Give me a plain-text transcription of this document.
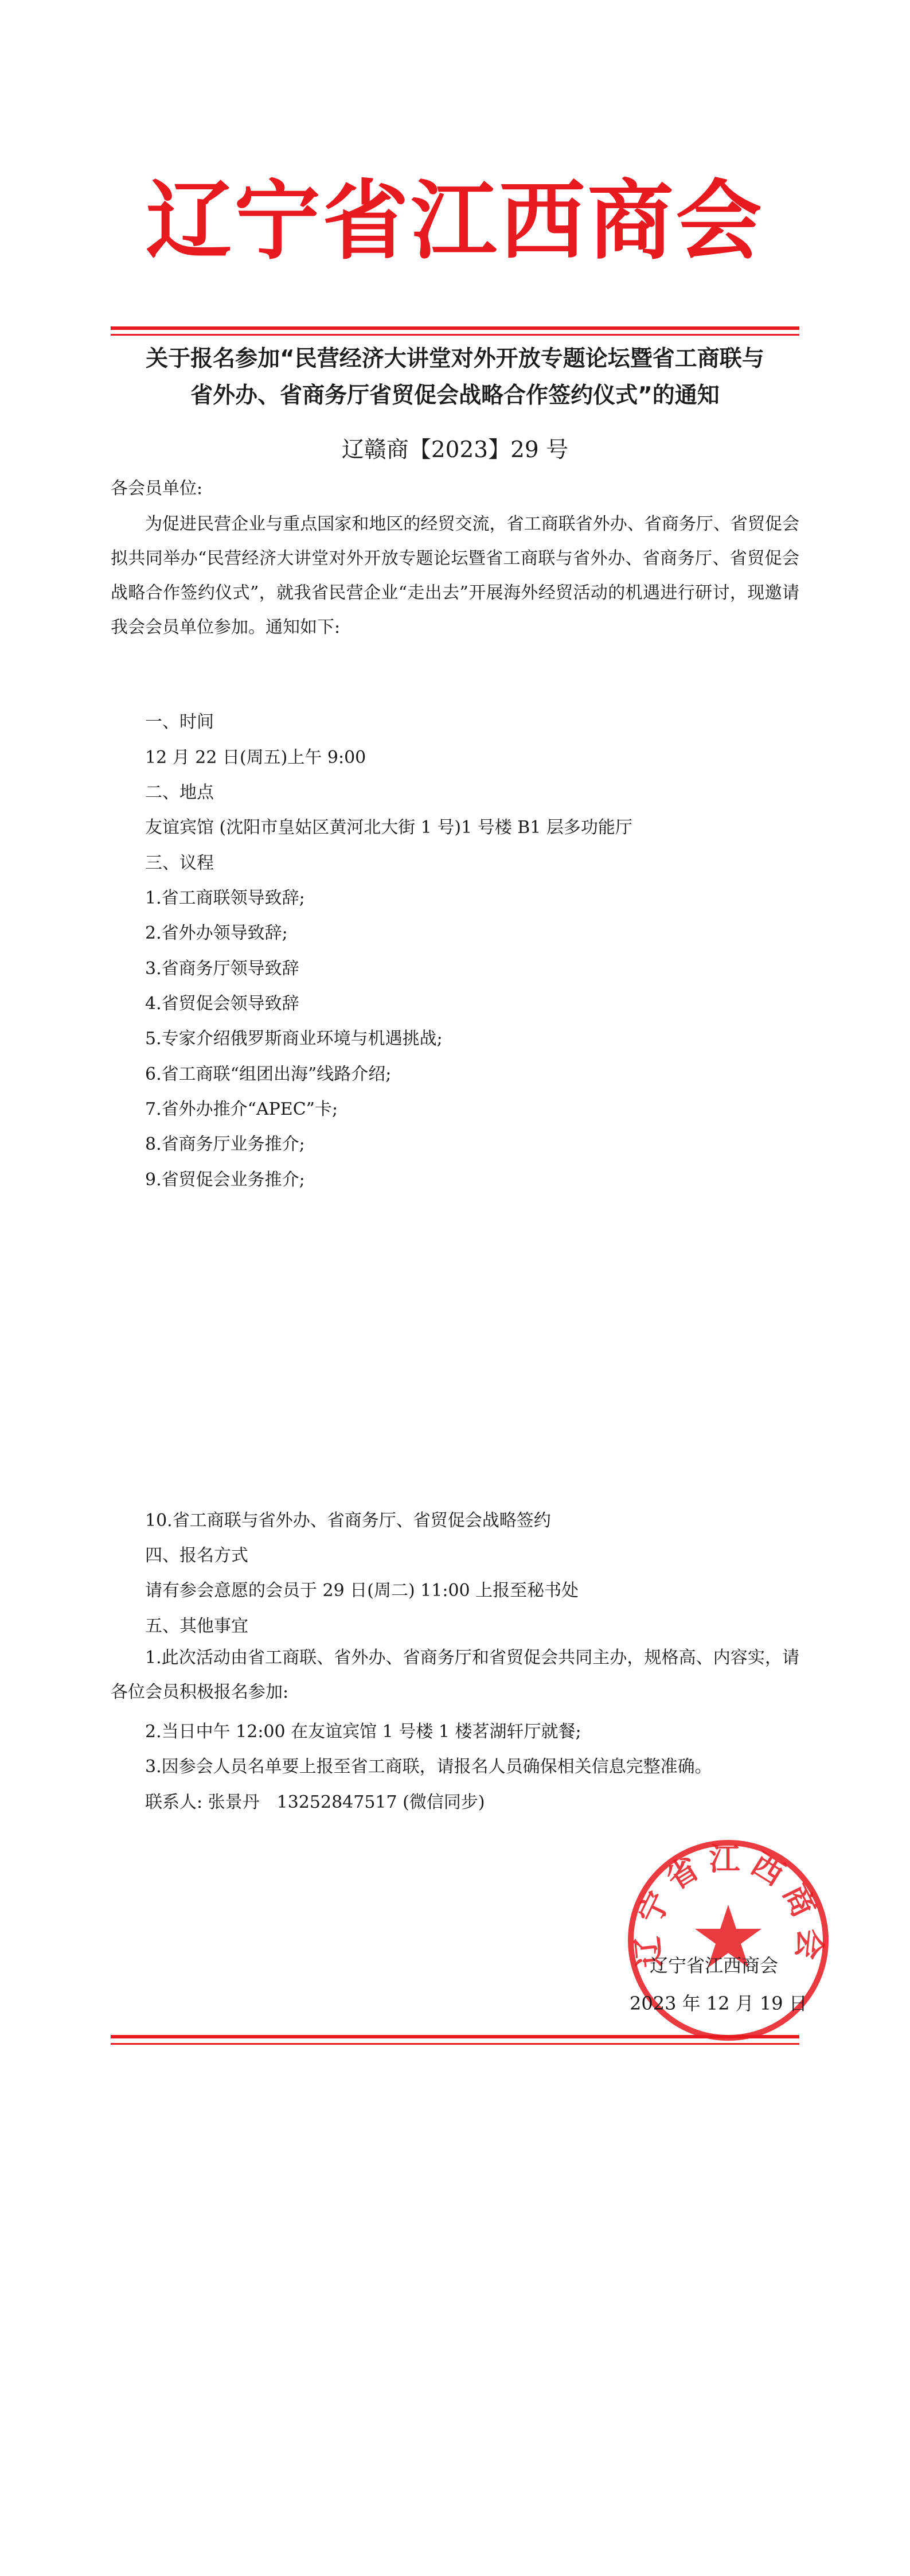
辽宁省江西商会
关于报名参加“民营经济大讲堂对外开放专题论坛暨省工商联与
省外办、省商务厅省贸促会战略合作签约仪式”的通知
辽赣商【2023】29 号
各会员单位:
为促进民营企业与重点国家和地区的经贸交流，省工商联省外办、省商务厅、省贸促会拟共同举办“民营经济大讲堂对外开放专题论坛暨省工商联与省外办、省商务厅、省贸促会战略合作签约仪式”，就我省民营企业“走出去”开展海外经贸活动的机遇进行研讨，现邀请我会会员单位参加。通知如下:
一、时间
12 月 22 日(周五)上午 9:00
二、地点
友谊宾馆 (沈阳市皇姑区黄河北大街 1 号)1 号楼 B1 层多功能厅
三、议程
1.省工商联领导致辞;
2.省外办领导致辞;
3.省商务厅领导致辞
4.省贸促会领导致辞
5.专家介绍俄罗斯商业环境与机遇挑战;
6.省工商联“组团出海”线路介绍;
7.省外办推介“APEC”卡;
8.省商务厅业务推介;
9.省贸促会业务推介;
10.省工商联与省外办、省商务厅、省贸促会战略签约
四、报名方式
请有参会意愿的会员于 29 日(周二) 11:00 上报至秘书处
五、其他事宜
1.此次活动由省工商联、省外办、省商务厅和省贸促会共同主办，规格高、内容实，请各位会员积极报名参加:
2.当日中午 12:00 在友谊宾馆 1 号楼 1 楼茗湖轩厅就餐;
3.因参会人员名单要上报至省工商联，请报名人员确保相关信息完整准确。
联系人: 张景丹　13252847517 (微信同步)
辽宁省江西商会
辽宁省江西商会
2023 年 12 月 19 日
